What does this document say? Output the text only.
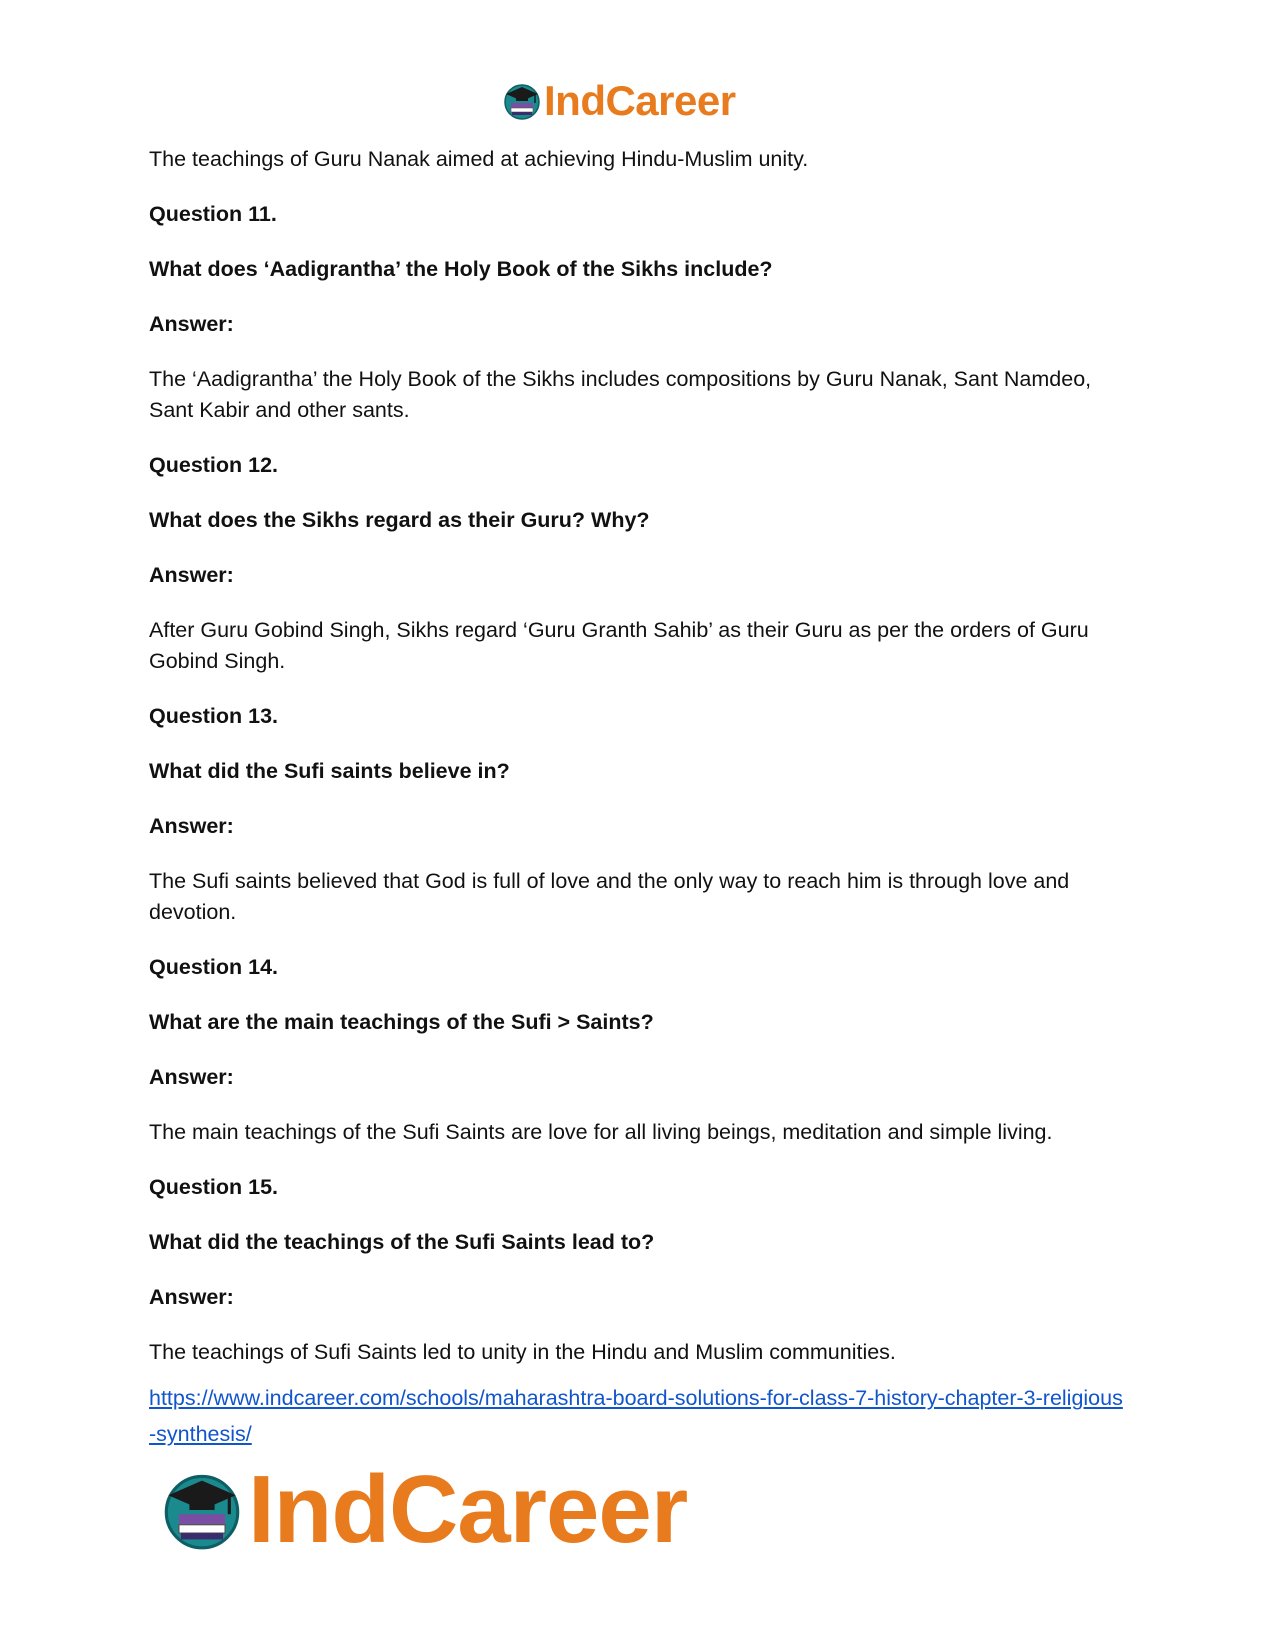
IndCareer

The teachings of Guru Nanak aimed at achieving Hindu-Muslim unity.

Question 11.

What does ‘Aadigrantha’ the Holy Book of the Sikhs include?

Answer:

The ‘Aadigrantha’ the Holy Book of the Sikhs includes compositions by Guru Nanak, Sant Namdeo, Sant Kabir and other sants.

Question 12.

What does the Sikhs regard as their Guru? Why?

Answer:

After Guru Gobind Singh, Sikhs regard ‘Guru Granth Sahib’ as their Guru as per the orders of Guru Gobind Singh.

Question 13.

What did the Sufi saints believe in?

Answer:

The Sufi saints believed that God is full of love and the only way to reach him is through love and devotion.

Question 14.

What are the main teachings of the Sufi > Saints?

Answer:

The main teachings of the Sufi Saints are love for all living beings, meditation and simple living.

Question 15.

What did the teachings of the Sufi Saints lead to?

Answer:

The teachings of Sufi Saints led to unity in the Hindu and Muslim communities.

https://www.indcareer.com/schools/maharashtra-board-solutions-for-class-7-history-chapter-3-religious-synthesis/
IndCareer
